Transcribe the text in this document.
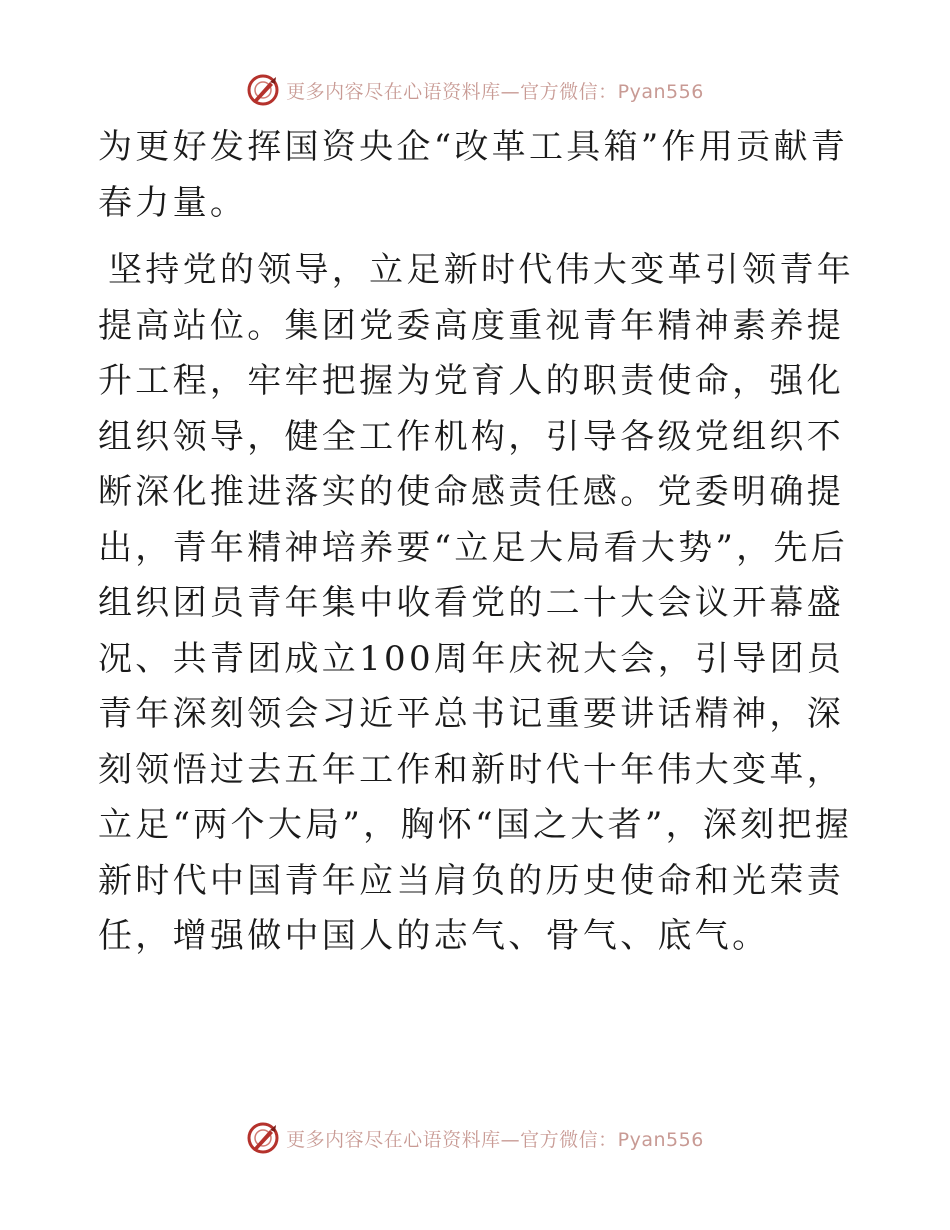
更多内容尽在心语资料库—官方微信：Pyan556

为更好发挥国资央企“改革工具箱”作用贡献青春力量。

坚持党的领导，立足新时代伟大变革引领青年提高站位。集团党委高度重视青年精神素养提升工程，牢牢把握为党育人的职责使命，强化组织领导，健全工作机构，引导各级党组织不断深化推进落实的使命感责任感。党委明确提出，青年精神培养要“立足大局看大势”，先后组织团员青年集中收看党的二十大会议开幕盛况、共青团成立100周年庆祝大会，引导团员青年深刻领会习近平总书记重要讲话精神，深刻领悟过去五年工作和新时代十年伟大变革，立足“两个大局”，胸怀“国之大者”，深刻把握新时代中国青年应当肩负的历史使命和光荣责任，增强做中国人的志气、骨气、底气。

更多内容尽在心语资料库—官方微信：Pyan556
